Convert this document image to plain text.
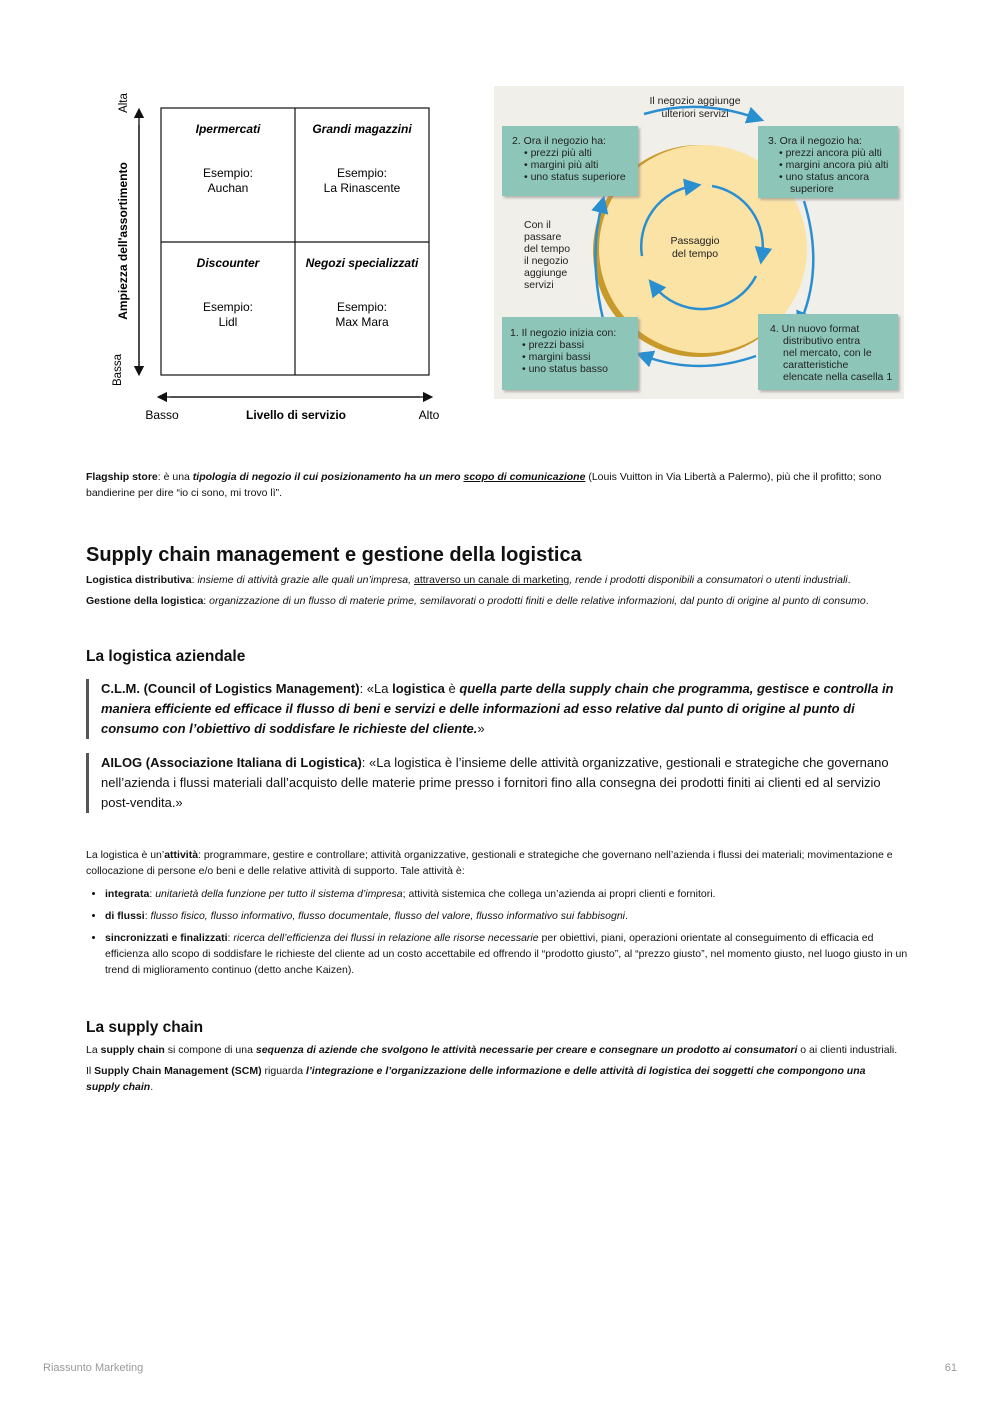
Alta
Bassa
Ampiezza dell'assortimento
Basso	Livello di servizio	Alto
Ipermercati
Esempio:
Auchan
Grandi magazzini
Esempio:
La Rinascente
Discounter
Esempio:
Lidl
Negozi specializzati
Esempio:
Max Mara
Il negozio aggiunge
ulteriori servizi
Passaggio
del tempo
Con il
passare
del tempo
il negozio
aggiunge
servizi
2. Ora il negozio ha:
• prezzi più alti
• margini più alti
• uno status superiore
3. Ora il negozio ha:
• prezzi ancora più alti
• margini ancora più alti
• uno status ancora
superiore
1. Il negozio inizia con:
• prezzi bassi
• margini bassi
• uno status basso
4. Un nuovo format
distributivo entra
nel mercato, con le
caratteristiche
elencate nella casella 1

Flagship store: è una tipologia di negozio il cui posizionamento ha un mero scopo di comunicazione (Louis Vuitton in Via Libertà a Palermo), più che il profitto; sono bandierine per dire “io ci sono, mi trovo lì”.

Supply chain management e gestione della logistica

Logistica distributiva: insieme di attività grazie alle quali un’impresa, attraverso un canale di marketing, rende i prodotti disponibili a consumatori o utenti industriali.

Gestione della logistica: organizzazione di un flusso di materie prime, semilavorati o prodotti finiti e delle relative informazioni, dal punto di origine al punto di consumo.

La logistica aziendale
C.L.M. (Council of Logistics Management): «La logistica è quella parte della supply chain che programma, gestisce e controlla in maniera efficiente ed efficace il flusso di beni e servizi e delle informazioni ad esso relative dal punto di origine al punto di consumo con l’obiettivo di soddisfare le richieste del cliente.»
AILOG (Associazione Italiana di Logistica): «La logistica è l’insieme delle attività organizzative, gestionali e strategiche che governano nell’azienda i flussi materiali dall’acquisto delle materie prime presso i fornitori fino alla consegna dei prodotti finiti ai clienti ed al servizio post-vendita.»

La logistica è un’attività: programmare, gestire e controllare; attività organizzative, gestionali e strategiche che governano nell’azienda i flussi dei materiali; movimentazione e collocazione di persone e/o beni e delle relative attività di supporto. Tale attività è:

• integrata: unitarietà della funzione per tutto il sistema d’impresa; attività sistemica che collega un’azienda ai propri clienti e fornitori.
• di flussi: flusso fisico, flusso informativo, flusso documentale, flusso del valore, flusso informativo sui fabbisogni.
• sincronizzati e finalizzati: ricerca dell’efficienza dei flussi in relazione alle risorse necessarie per obiettivi, piani, operazioni orientate al conseguimento di efficacia ed efficienza allo scopo di soddisfare le richieste del cliente ad un costo accettabile ed offrendo il “prodotto giusto”, al “prezzo giusto”, nel momento giusto, nel luogo giusto in un trend di miglioramento continuo (detto anche Kaizen).
La supply chain

La supply chain si compone di una sequenza di aziende che svolgono le attività necessarie per creare e consegnare un prodotto ai consumatori o ai clienti industriali.

Il Supply Chain Management (SCM) riguarda l’integrazione e l’organizzazione delle informazione e delle attività di logistica dei soggetti che compongono una supply chain.

Riassunto Marketing	61
